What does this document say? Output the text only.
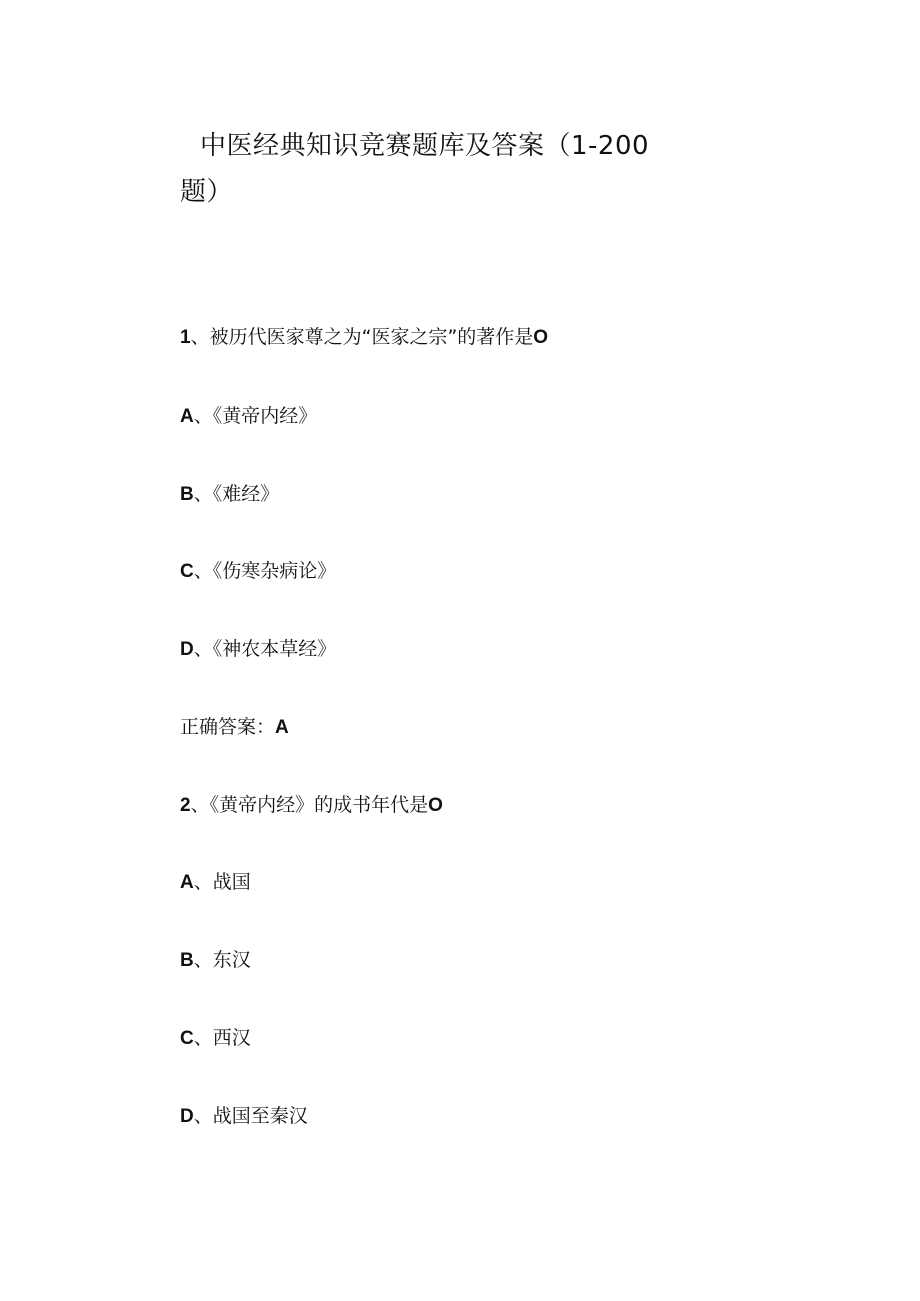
中医经典知识竞赛题库及答案（1-200题）
1、被历代医家尊之为“医家之宗”的著作是O
A、《黄帝内经》
B、《难经》
C、《伤寒杂病论》
D、《神农本草经》
正确答案：A
2、《黄帝内经》的成书年代是O
A、战国
B、东汉
C、西汉
D、战国至秦汉
